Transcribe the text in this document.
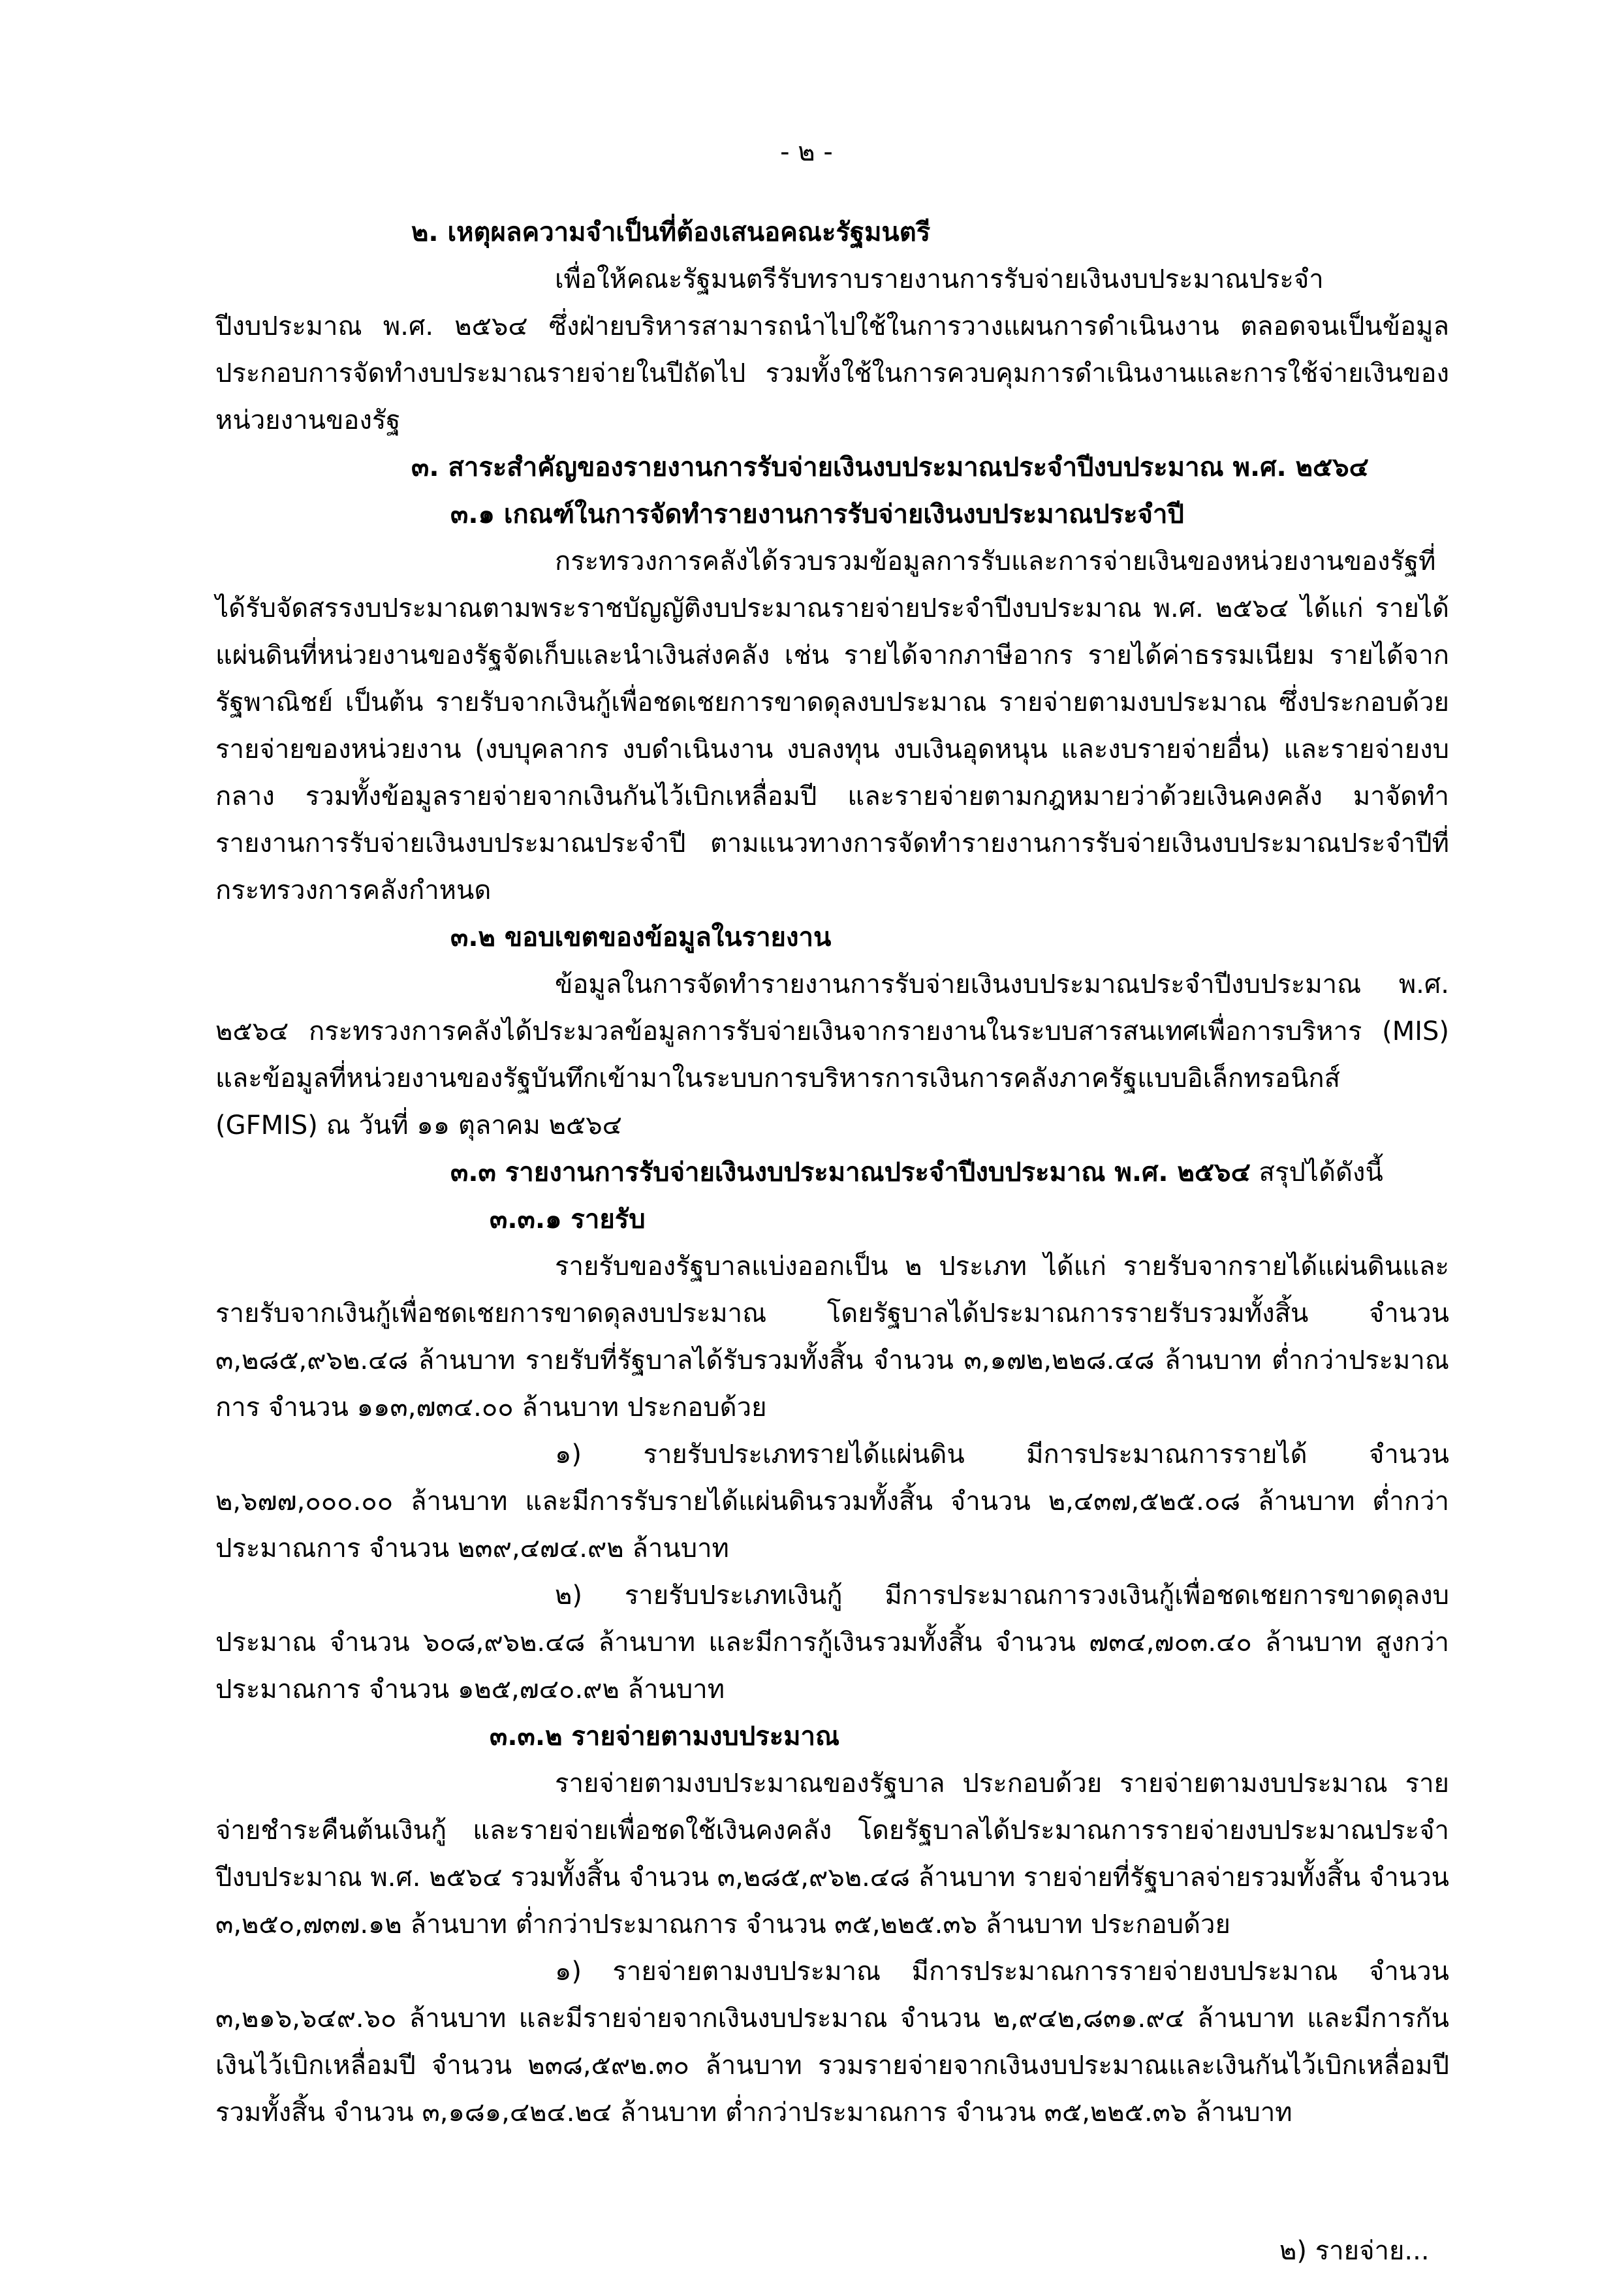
- ๒ -

๒. เหตุผลความจำเป็นที่ต้องเสนอคณะรัฐมนตรี

เพื่อให้คณะรัฐมนตรีรับทราบรายงานการรับจ่ายเงินงบประมาณประจำปีงบประมาณ พ.ศ. ๒๕๖๔ ซึ่งฝ่ายบริหารสามารถนำไปใช้ในการวางแผนการดำเนินงาน ตลอดจนเป็นข้อมูลประกอบการจัดทำงบประมาณรายจ่ายในปีถัดไป รวมทั้งใช้ในการควบคุมการดำเนินงานและการใช้จ่ายเงินของหน่วยงานของรัฐ

๓. สาระสำคัญของรายงานการรับจ่ายเงินงบประมาณประจำปีงบประมาณ พ.ศ. ๒๕๖๔

๓.๑ เกณฑ์ในการจัดทำรายงานการรับจ่ายเงินงบประมาณประจำปี

กระทรวงการคลังได้รวบรวมข้อมูลการรับและการจ่ายเงินของหน่วยงานของรัฐที่ได้รับจัดสรรงบประมาณตามพระราชบัญญัติงบประมาณรายจ่ายประจำปีงบประมาณ พ.ศ. ๒๕๖๔ ได้แก่ รายได้แผ่นดินที่หน่วยงานของรัฐจัดเก็บและนำเงินส่งคลัง เช่น รายได้จากภาษีอากร รายได้ค่าธรรมเนียม รายได้จากรัฐพาณิชย์ เป็นต้น รายรับจากเงินกู้เพื่อชดเชยการขาดดุลงบประมาณ รายจ่ายตามงบประมาณ ซึ่งประกอบด้วย รายจ่ายของหน่วยงาน (งบบุคลากร งบดำเนินงาน งบลงทุน งบเงินอุดหนุน และงบรายจ่ายอื่น) และรายจ่ายงบกลาง รวมทั้งข้อมูลรายจ่ายจากเงินกันไว้เบิกเหลื่อมปี และรายจ่ายตามกฎหมายว่าด้วยเงินคงคลัง มาจัดทำรายงานการรับจ่ายเงินงบประมาณประจำปี ตามแนวทางการจัดทำรายงานการรับจ่ายเงินงบประมาณประจำปีที่กระทรวงการคลังกำหนด

๓.๒ ขอบเขตของข้อมูลในรายงาน

ข้อมูลในการจัดทำรายงานการรับจ่ายเงินงบประมาณประจำปีงบประมาณ พ.ศ. ๒๕๖๔ กระทรวงการคลังได้ประมวลข้อมูลการรับจ่ายเงินจากรายงานในระบบสารสนเทศเพื่อการบริหาร (MIS) และข้อมูลที่หน่วยงานของรัฐบันทึกเข้ามาในระบบการบริหารการเงินการคลังภาครัฐแบบอิเล็กทรอนิกส์ (GFMIS) ณ วันที่ ๑๑ ตุลาคม ๒๕๖๔

๓.๓ รายงานการรับจ่ายเงินงบประมาณประจำปีงบประมาณ พ.ศ. ๒๕๖๔ สรุปได้ดังนี้

๓.๓.๑ รายรับ

รายรับของรัฐบาลแบ่งออกเป็น ๒ ประเภท ได้แก่ รายรับจากรายได้แผ่นดินและรายรับจากเงินกู้เพื่อชดเชยการขาดดุลงบประมาณ โดยรัฐบาลได้ประมาณการรายรับรวมทั้งสิ้น จำนวน ๓,๒๘๕,๙๖๒.๔๘ ล้านบาท รายรับที่รัฐบาลได้รับรวมทั้งสิ้น จำนวน ๓,๑๗๒,๒๒๘.๔๘ ล้านบาท ต่ำกว่าประมาณการ จำนวน ๑๑๓,๗๓๔.๐๐ ล้านบาท ประกอบด้วย

๑) รายรับประเภทรายได้แผ่นดิน มีการประมาณการรายได้ จำนวน ๒,๖๗๗,๐๐๐.๐๐ ล้านบาท และมีการรับรายได้แผ่นดินรวมทั้งสิ้น จำนวน ๒,๔๓๗,๕๒๕.๐๘ ล้านบาท ต่ำกว่าประมาณการ จำนวน ๒๓๙,๔๗๔.๙๒ ล้านบาท

๒) รายรับประเภทเงินกู้ มีการประมาณการวงเงินกู้เพื่อชดเชยการขาดดุลงบประมาณ จำนวน ๖๐๘,๙๖๒.๔๘ ล้านบาท และมีการกู้เงินรวมทั้งสิ้น จำนวน ๗๓๔,๗๐๓.๔๐ ล้านบาท สูงกว่าประมาณการ จำนวน ๑๒๕,๗๔๐.๙๒ ล้านบาท

๓.๓.๒ รายจ่ายตามงบประมาณ

รายจ่ายตามงบประมาณของรัฐบาล ประกอบด้วย รายจ่ายตามงบประมาณ รายจ่ายชำระคืนต้นเงินกู้ และรายจ่ายเพื่อชดใช้เงินคงคลัง โดยรัฐบาลได้ประมาณการรายจ่ายงบประมาณประจำปีงบประมาณ พ.ศ. ๒๕๖๔ รวมทั้งสิ้น จำนวน ๓,๒๘๕,๙๖๒.๔๘ ล้านบาท รายจ่ายที่รัฐบาลจ่ายรวมทั้งสิ้น จำนวน ๓,๒๕๐,๗๓๗.๑๒ ล้านบาท ต่ำกว่าประมาณการ จำนวน ๓๕,๒๒๕.๓๖ ล้านบาท ประกอบด้วย

๑) รายจ่ายตามงบประมาณ มีการประมาณการรายจ่ายงบประมาณ จำนวน ๓,๒๑๖,๖๔๙.๖๐ ล้านบาท และมีรายจ่ายจากเงินงบประมาณ จำนวน ๒,๙๔๒,๘๓๑.๙๔ ล้านบาท และมีการกันเงินไว้เบิกเหลื่อมปี จำนวน ๒๓๘,๕๙๒.๓๐ ล้านบาท รวมรายจ่ายจากเงินงบประมาณและเงินกันไว้เบิกเหลื่อมปีรวมทั้งสิ้น จำนวน ๓,๑๘๑,๔๒๔.๒๔ ล้านบาท ต่ำกว่าประมาณการ จำนวน ๓๕,๒๒๕.๓๖ ล้านบาท

๒) รายจ่าย...
